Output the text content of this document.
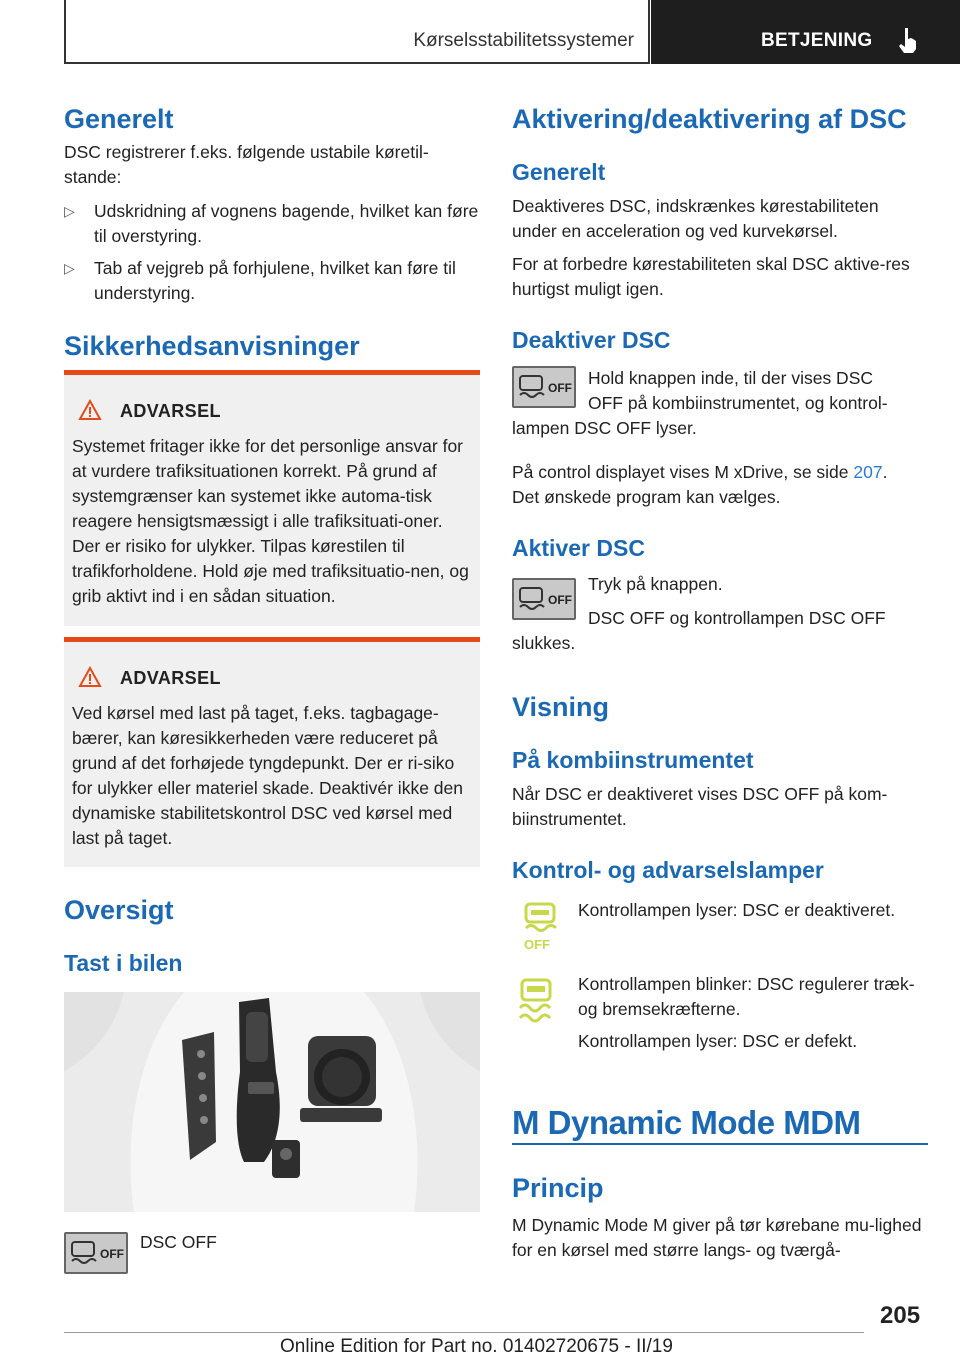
Kørselsstabilitetssystemer	BETJENING
Generelt
DSC registrerer f.eks. følgende ustabile køretil-stande:
▷ Udskridning af vognens bagende, hvilket kan føre til overstyring.
▷ Tab af vejgreb på forhjulene, hvilket kan føre til understyring.
Sikkerhedsanvisninger
ADVARSEL
Systemet fritager ikke for det personlige ansvar for at vurdere trafiksituationen korrekt. På grund af systemgrænser kan systemet ikke automa-tisk reagere hensigtsmæssigt i alle trafiksituati-oner. Der er risiko for ulykker. Tilpas kørestilen til trafikforholdene. Hold øje med trafiksituatio-nen, og grib aktivt ind i en sådan situation.
ADVARSEL
Ved kørsel med last på taget, f.eks. tagbagage-bærer, kan køresikkerheden være reduceret på grund af det forhøjede tyngdepunkt. Der er ri-siko for ulykker eller materiel skade. Deaktivér ikke den dynamiske stabilitetskontrol DSC ved kørsel med last på taget.
Oversigt
Tast i bilen
OFF
DSC OFF
Aktivering/deaktivering af DSC
Generelt
Deaktiveres DSC, indskrænkes kørestabiliteten under en acceleration og ved kurvekørsel.
For at forbedre kørestabiliteten skal DSC aktive-res hurtigst muligt igen.
Deaktiver DSC
OFF Hold knappen inde, til der vises DSC
OFF på kombiinstrumentet, og kontrol-
lampen DSC OFF lyser.
På control displayet vises M xDrive, se side 207.
Det ønskede program kan vælges.
Aktiver DSC
OFF
Tryk på knappen.
DSC OFF og kontrollampen DSC OFF
slukkes.
Visning
På kombiinstrumentet
Når DSC er deaktiveret vises DSC OFF på kom-biinstrumentet.
Kontrol- og advarselslamper
OFF
Kontrollampen lyser: DSC er deaktiveret.
Kontrollampen blinker: DSC regulerer træk- og bremsekræfterne.
Kontrollampen lyser: DSC er defekt.
M Dynamic Mode MDM
Princip
M Dynamic Mode M giver på tør kørebane mu-lighed for en kørsel med større langs- og tværgå-
205
Online Edition for Part no. 01402720675 - II/19
